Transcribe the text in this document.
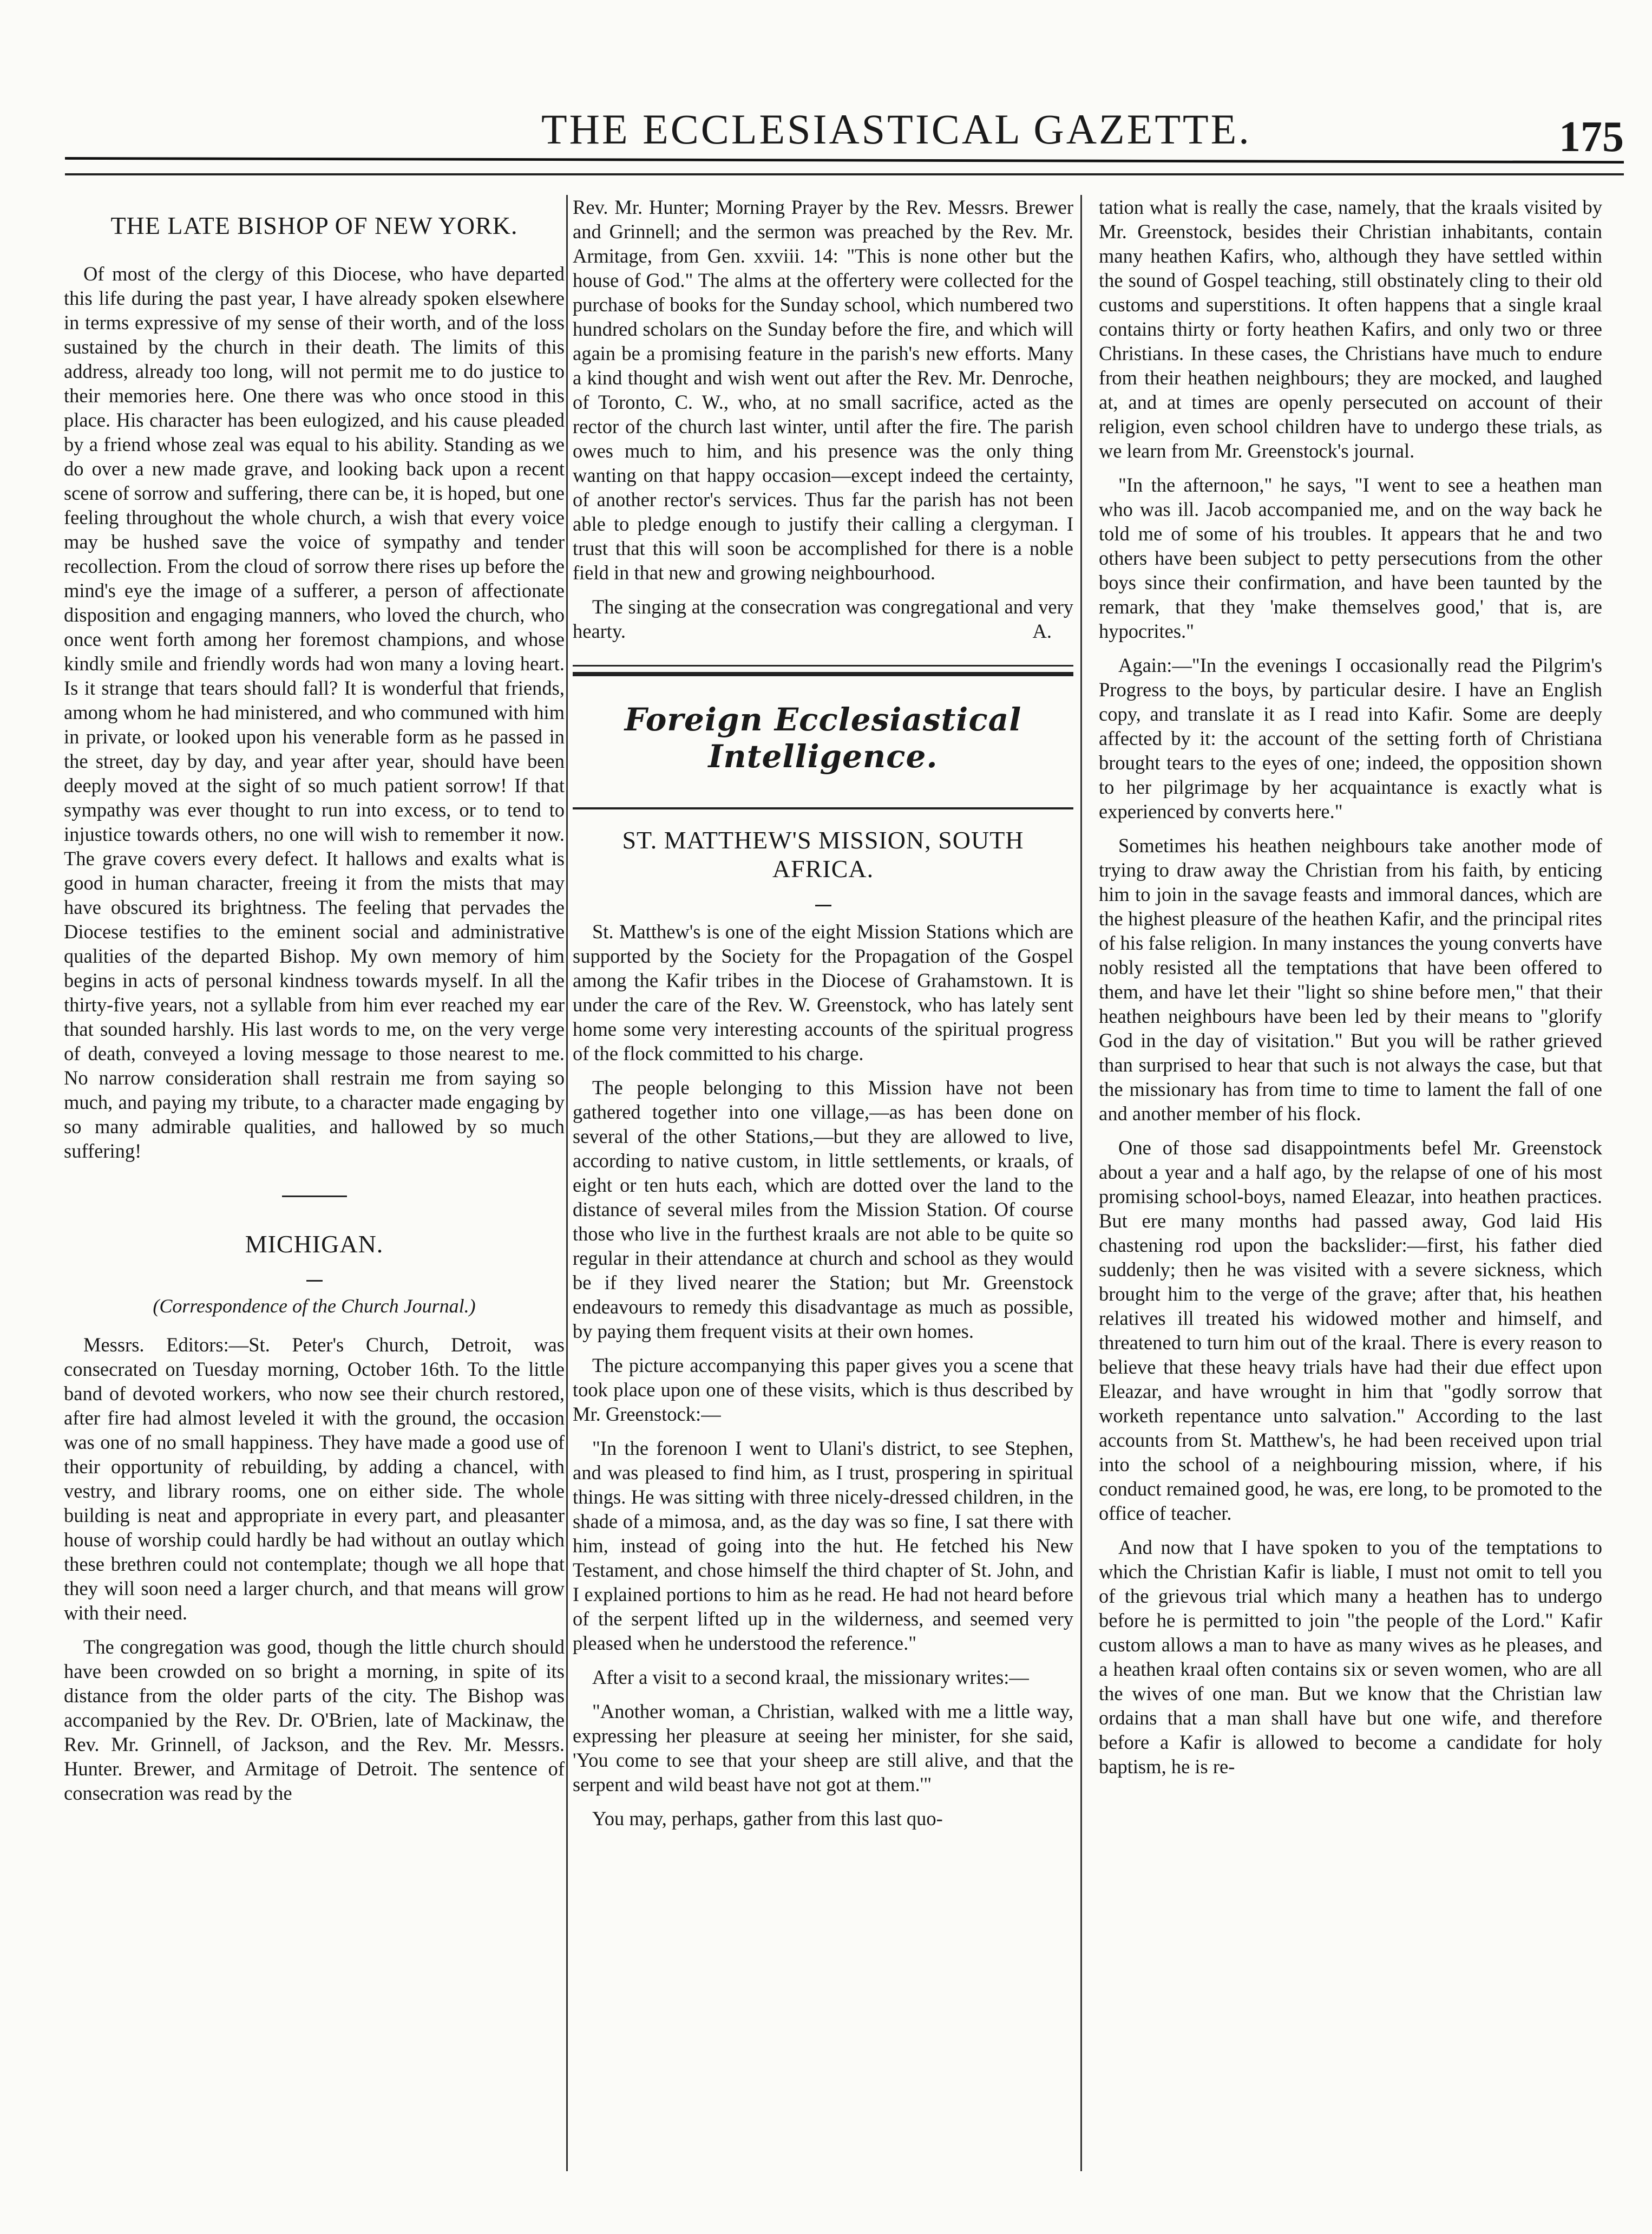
THE ECCLESIASTICAL GAZETTE.	175
THE LATE BISHOP OF NEW YORK.

Of most of the clergy of this Diocese, who have departed this life during the past year, I have already spoken elsewhere in terms expressive of my sense of their worth, and of the loss sustained by the church in their death. The limits of this address, already too long, will not permit me to do justice to their memories here. One there was who once stood in this place. His character has been eulogized, and his cause pleaded by a friend whose zeal was equal to his ability. Standing as we do over a new made grave, and looking back upon a recent scene of sorrow and suffering, there can be, it is hoped, but one feeling throughout the whole church, a wish that every voice may be hushed save the voice of sympathy and tender recollection. From the cloud of sorrow there rises up before the mind's eye the image of a sufferer, a person of affectionate disposition and engaging manners, who loved the church, who once went forth among her foremost champions, and whose kindly smile and friendly words had won many a loving heart. Is it strange that tears should fall? It is wonderful that friends, among whom he had ministered, and who communed with him in private, or looked upon his venerable form as he passed in the street, day by day, and year after year, should have been deeply moved at the sight of so much patient sorrow! If that sympathy was ever thought to run into excess, or to tend to injustice towards others, no one will wish to remember it now. The grave covers every defect. It hallows and exalts what is good in human character, freeing it from the mists that may have obscured its brightness. The feeling that pervades the Diocese testifies to the eminent social and administrative qualities of the departed Bishop. My own memory of him begins in acts of personal kindness towards myself. In all the thirty-five years, not a syllable from him ever reached my ear that sounded harshly. His last words to me, on the very verge of death, conveyed a loving message to those nearest to me. No narrow consideration shall restrain me from saying so much, and paying my tribute, to a character made engaging by so many admirable qualities, and hallowed by so much suffering!

MICHIGAN.

(Correspondence of the Church Journal.)

Messrs. Editors:—St. Peter's Church, Detroit, was consecrated on Tuesday morning, October 16th. To the little band of devoted workers, who now see their church restored, after fire had almost leveled it with the ground, the occasion was one of no small happiness. They have made a good use of their opportunity of rebuilding, by adding a chancel, with vestry, and library rooms, one on either side. The whole building is neat and appropriate in every part, and pleasanter house of worship could hardly be had without an outlay which these brethren could not contemplate; though we all hope that they will soon need a larger church, and that means will grow with their need.

The congregation was good, though the little church should have been crowded on so bright a morning, in spite of its distance from the older parts of the city. The Bishop was accompanied by the Rev. Dr. O'Brien, late of Mackinaw, the Rev. Mr. Grinnell, of Jackson, and the Rev. Mr. Messrs. Hunter. Brewer, and Armitage of Detroit. The sentence of consecration was read by the

Rev. Mr. Hunter; Morning Prayer by the Rev. Messrs. Brewer and Grinnell; and the sermon was preached by the Rev. Mr. Armitage, from Gen. xxviii. 14: "This is none other but the house of God." The alms at the offertery were collected for the purchase of books for the Sunday school, which numbered two hundred scholars on the Sunday before the fire, and which will again be a promising feature in the parish's new efforts. Many a kind thought and wish went out after the Rev. Mr. Denroche, of Toronto, C. W., who, at no small sacrifice, acted as the rector of the church last winter, until after the fire. The parish owes much to him, and his presence was the only thing wanting on that happy occasion—except indeed the certainty, of another rector's services. Thus far the parish has not been able to pledge enough to justify their calling a clergyman. I trust that this will soon be accomplished for there is a noble field in that new and growing neighbourhood.

The singing at the consecration was congregational and very hearty.	A.

Foreign Ecclesiastical Intelligence.
ST. MATTHEW'S MISSION, SOUTH AFRICA.

St. Matthew's is one of the eight Mission Stations which are supported by the Society for the Propagation of the Gospel among the Kafir tribes in the Diocese of Grahamstown. It is under the care of the Rev. W. Greenstock, who has lately sent home some very interesting accounts of the spiritual progress of the flock committed to his charge.

The people belonging to this Mission have not been gathered together into one village,—as has been done on several of the other Stations,—but they are allowed to live, according to native custom, in little settlements, or kraals, of eight or ten huts each, which are dotted over the land to the distance of several miles from the Mission Station. Of course those who live in the furthest kraals are not able to be quite so regular in their attendance at church and school as they would be if they lived nearer the Station; but Mr. Greenstock endeavours to remedy this disadvantage as much as possible, by paying them frequent visits at their own homes.

The picture accompanying this paper gives you a scene that took place upon one of these visits, which is thus described by Mr. Greenstock:—

"In the forenoon I went to Ulani's district, to see Stephen, and was pleased to find him, as I trust, prospering in spiritual things. He was sitting with three nicely-dressed children, in the shade of a mimosa, and, as the day was so fine, I sat there with him, instead of going into the hut. He fetched his New Testament, and chose himself the third chapter of St. John, and I explained portions to him as he read. He had not heard before of the serpent lifted up in the wilderness, and seemed very pleased when he understood the reference."

After a visit to a second kraal, the missionary writes:—

"Another woman, a Christian, walked with me a little way, expressing her pleasure at seeing her minister, for she said, 'You come to see that your sheep are still alive, and that the serpent and wild beast have not got at them.'"

You may, perhaps, gather from this last quo-

tation what is really the case, namely, that the kraals visited by Mr. Greenstock, besides their Christian inhabitants, contain many heathen Kafirs, who, although they have settled within the sound of Gospel teaching, still obstinately cling to their old customs and superstitions. It often happens that a single kraal contains thirty or forty heathen Kafirs, and only two or three Christians. In these cases, the Christians have much to endure from their heathen neighbours; they are mocked, and laughed at, and at times are openly persecuted on account of their religion, even school children have to undergo these trials, as we learn from Mr. Greenstock's journal.

"In the afternoon," he says, "I went to see a heathen man who was ill. Jacob accompanied me, and on the way back he told me of some of his troubles. It appears that he and two others have been subject to petty persecutions from the other boys since their confirmation, and have been taunted by the remark, that they 'make themselves good,' that is, are hypocrites."

Again:—"In the evenings I occasionally read the Pilgrim's Progress to the boys, by particular desire. I have an English copy, and translate it as I read into Kafir. Some are deeply affected by it: the account of the setting forth of Christiana brought tears to the eyes of one; indeed, the opposition shown to her pilgrimage by her acquaintance is exactly what is experienced by converts here."

Sometimes his heathen neighbours take another mode of trying to draw away the Christian from his faith, by enticing him to join in the savage feasts and immoral dances, which are the highest pleasure of the heathen Kafir, and the principal rites of his false religion. In many instances the young converts have nobly resisted all the temptations that have been offered to them, and have let their "light so shine before men," that their heathen neighbours have been led by their means to "glorify God in the day of visitation." But you will be rather grieved than surprised to hear that such is not always the case, but that the missionary has from time to time to lament the fall of one and another member of his flock.

One of those sad disappointments befel Mr. Greenstock about a year and a half ago, by the relapse of one of his most promising school-boys, named Eleazar, into heathen practices. But ere many months had passed away, God laid His chastening rod upon the backslider:—first, his father died suddenly; then he was visited with a severe sickness, which brought him to the verge of the grave; after that, his heathen relatives ill treated his widowed mother and himself, and threatened to turn him out of the kraal. There is every reason to believe that these heavy trials have had their due effect upon Eleazar, and have wrought in him that "godly sorrow that worketh repentance unto salvation." According to the last accounts from St. Matthew's, he had been received upon trial into the school of a neighbouring mission, where, if his conduct remained good, he was, ere long, to be promoted to the office of teacher.

And now that I have spoken to you of the temptations to which the Christian Kafir is liable, I must not omit to tell you of the grievous trial which many a heathen has to undergo before he is permitted to join "the people of the Lord." Kafir custom allows a man to have as many wives as he pleases, and a heathen kraal often contains six or seven women, who are all the wives of one man. But we know that the Christian law ordains that a man shall have but one wife, and therefore before a Kafir is allowed to become a candidate for holy baptism, he is re-
